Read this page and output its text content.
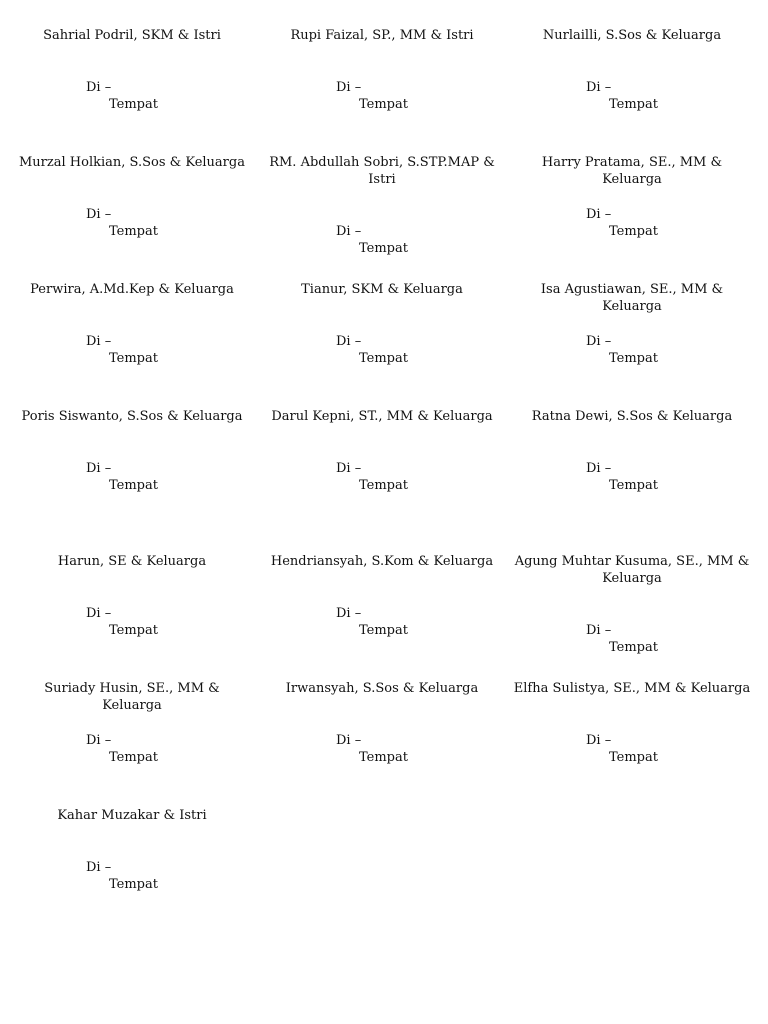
Sahrial Podril, SKM & Istri
Di –
Tempat
Rupi Faizal, SP., MM & Istri
Di –
Tempat
Nurlailli, S.Sos & Keluarga
Di –
Tempat
Murzal Holkian, S.Sos & Keluarga
Di –
Tempat
RM. Abdullah Sobri, S.STP.MAP & Istri
Di –
Tempat
Harry Pratama, SE., MM & Keluarga
Di –
Tempat
Perwira, A.Md.Kep & Keluarga
Di –
Tempat
Tianur, SKM & Keluarga
Di –
Tempat
Isa Agustiawan, SE., MM & Keluarga
Di –
Tempat
Poris Siswanto, S.Sos & Keluarga
Di –
Tempat
Darul Kepni, ST., MM & Keluarga
Di –
Tempat
Ratna Dewi, S.Sos & Keluarga
Di –
Tempat
Harun, SE & Keluarga
Di –
Tempat
Hendriansyah, S.Kom & Keluarga
Di –
Tempat
Agung Muhtar Kusuma, SE., MM & Keluarga
Di –
Tempat
Suriady Husin, SE., MM & Keluarga
Di –
Tempat
Irwansyah, S.Sos & Keluarga
Di –
Tempat
Elfha Sulistya, SE., MM & Keluarga
Di –
Tempat
Kahar Muzakar & Istri
Di –
Tempat
